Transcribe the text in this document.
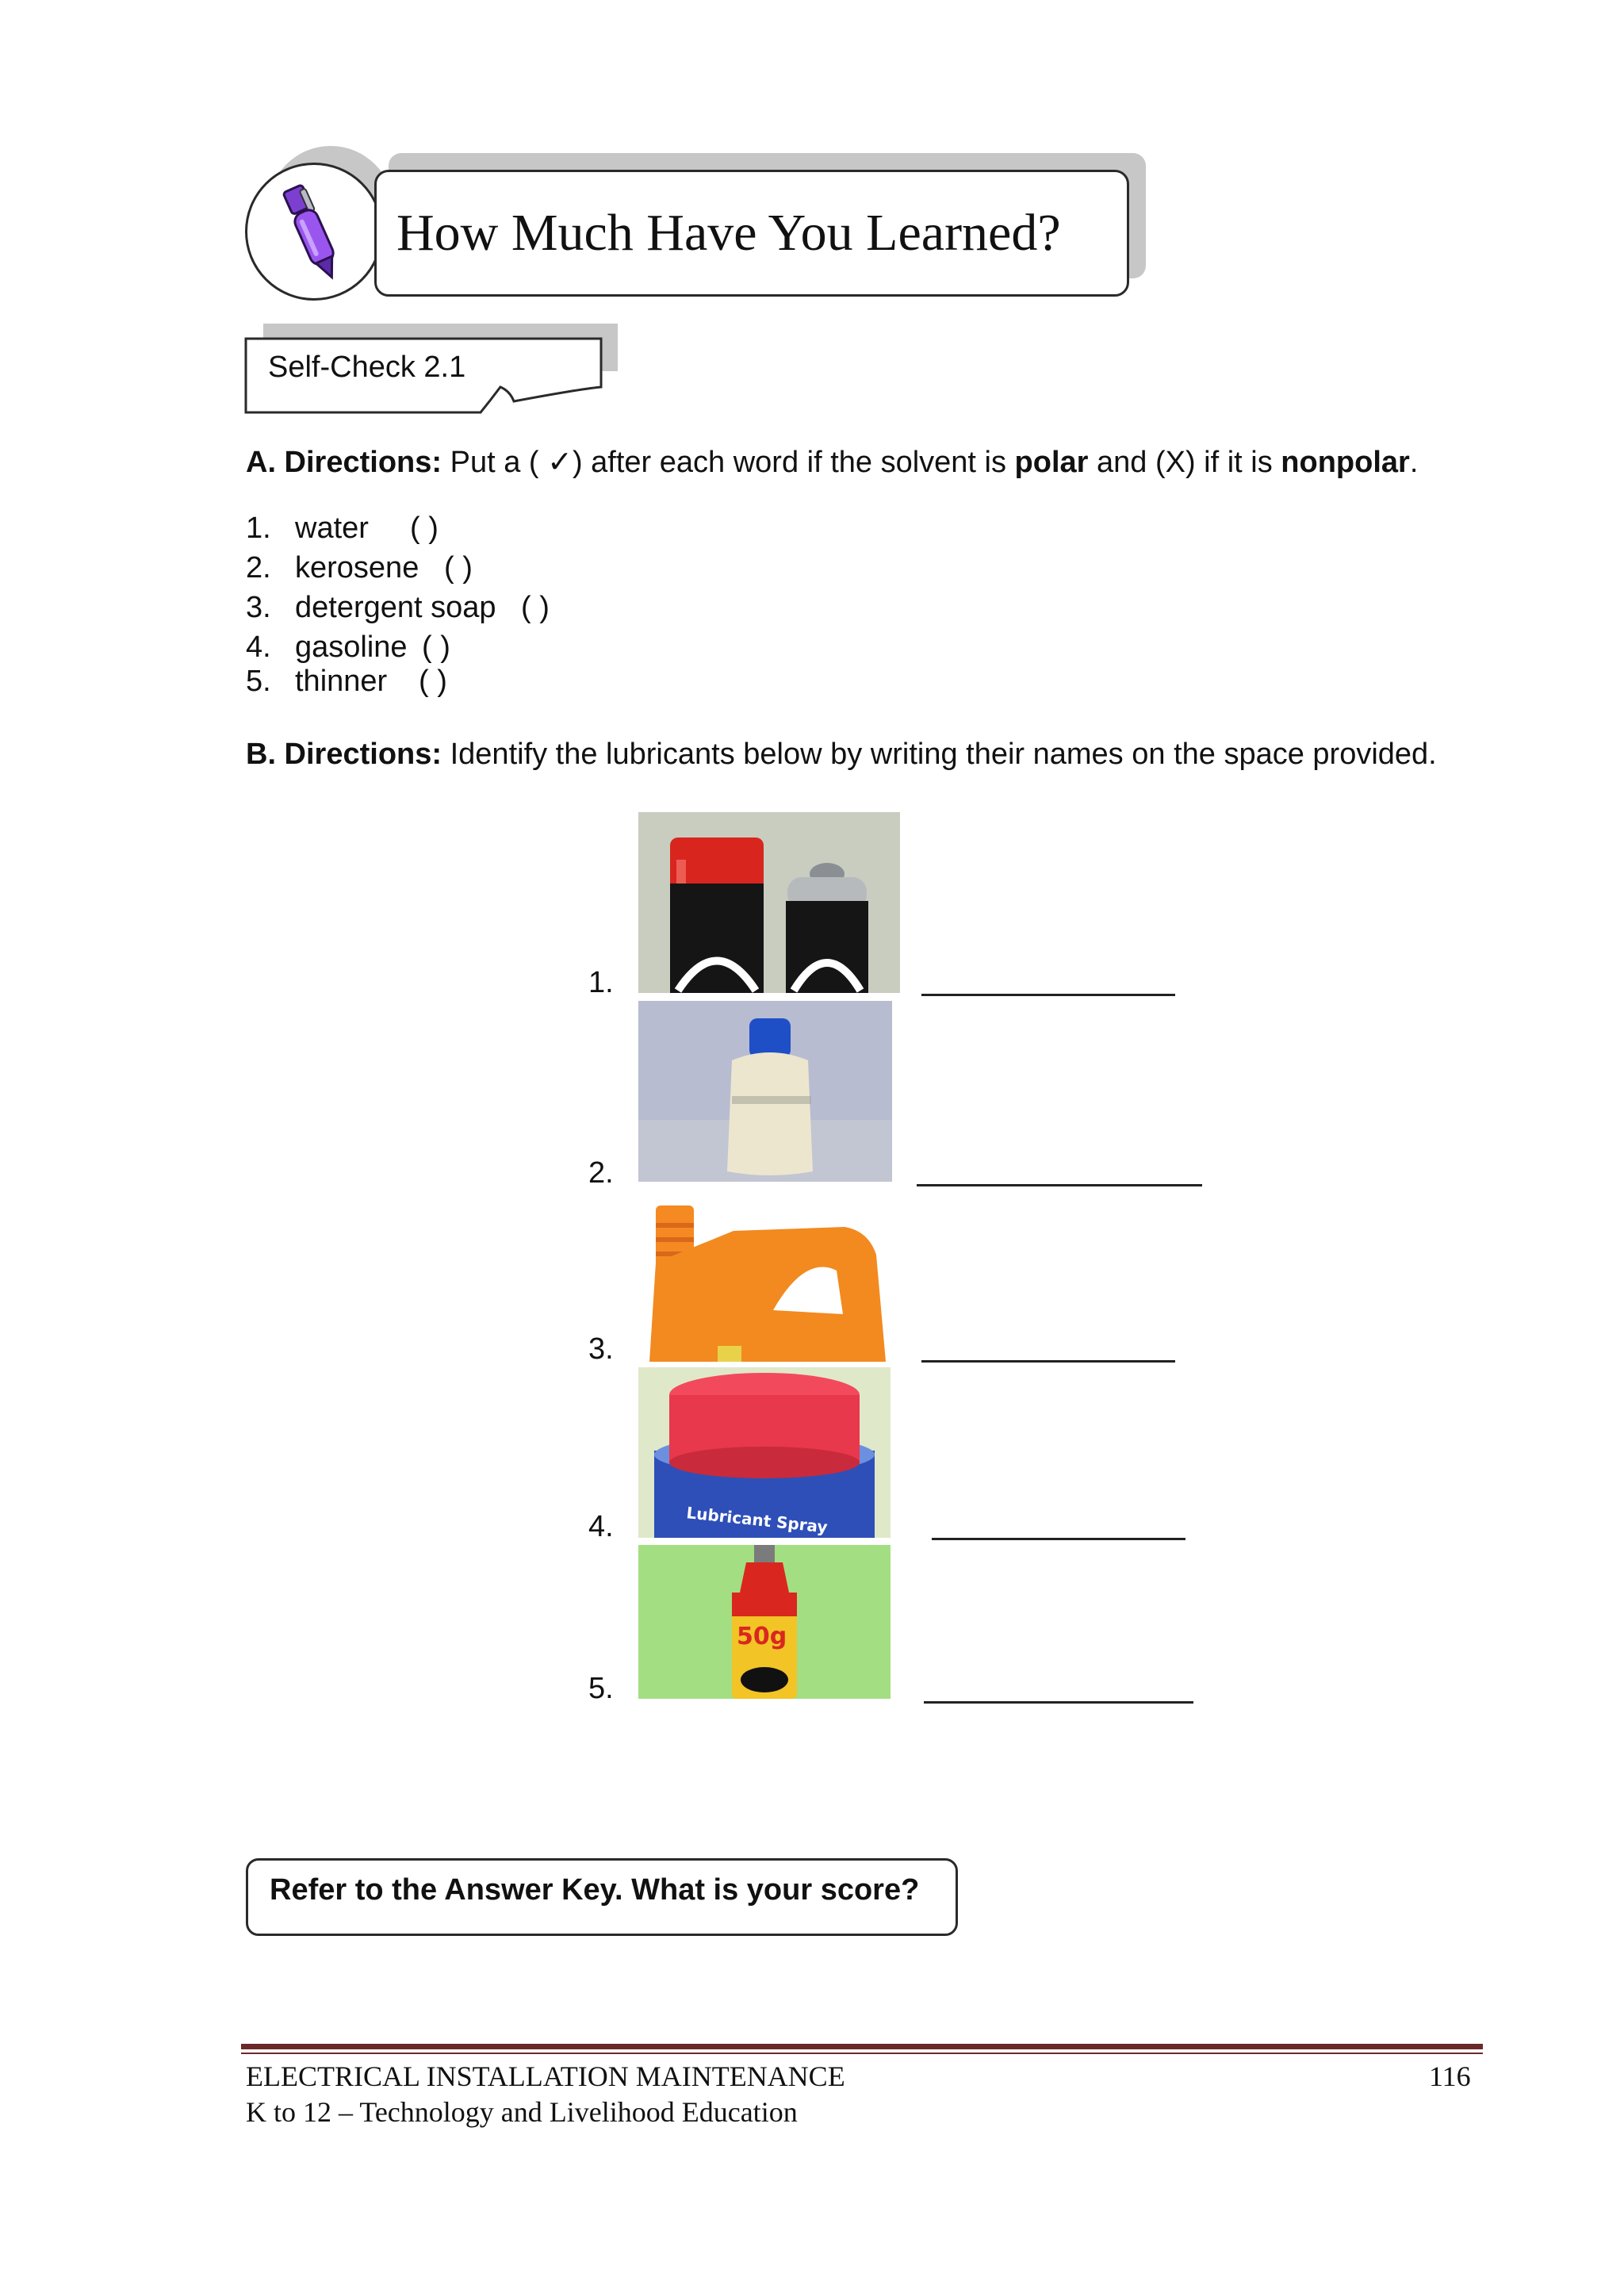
How Much Have You Learned?
Self-Check 2.1
A. Directions: Put a ( ✓) after each word if the solvent is polar and (X) if it is nonpolar.
1. water ( )
2. kerosene ( )
3. detergent soap ( )
4. gasoline ( )
5. thinner ( )
B. Directions: Identify the lubricants below by writing their names on the space provided.
1.
2.
3.
4.	Lubricant Spray
5.
50g
Refer to the Answer Key. What is your score?
ELECTRICAL INSTALLATION MAINTENANCE	116
K to 12 – Technology and Livelihood Education
